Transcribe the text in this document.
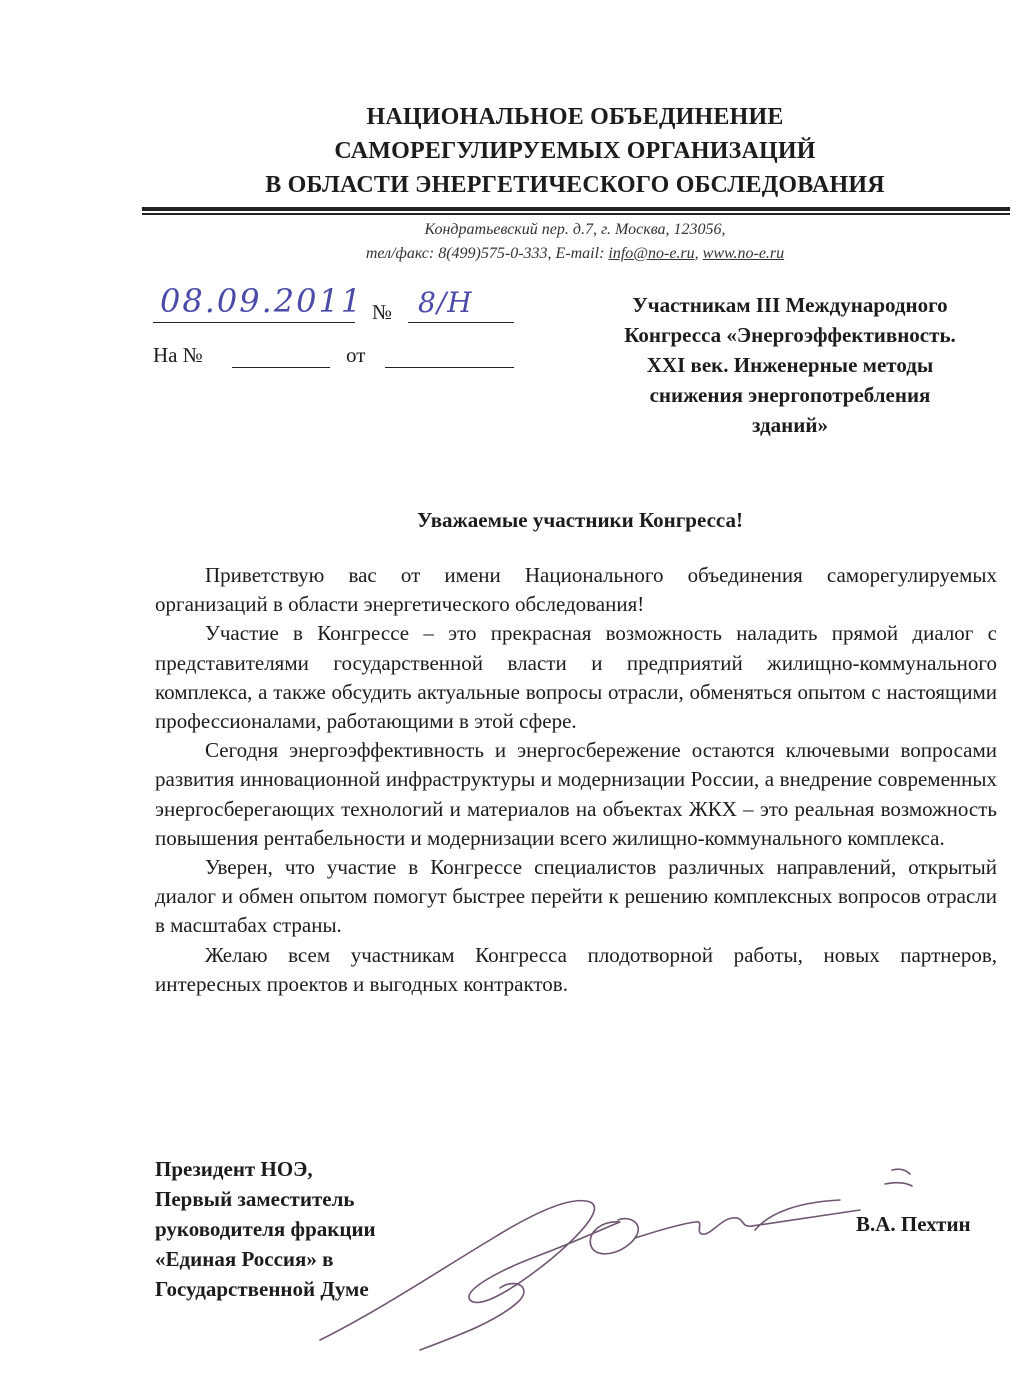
НАЦИОНАЛЬНОЕ ОБЪЕДИНЕНИЕ
САМОРЕГУЛИРУЕМЫХ ОРГАНИЗАЦИЙ
В ОБЛАСТИ ЭНЕРГЕТИЧЕСКОГО ОБСЛЕДОВАНИЯ
Кондратьевский пер. д.7, г. Москва, 123056,
тел/факс: 8(499)575-0-333, E-mail: info@no-e.ru, www.no-e.ru
08.09.2011 № 8/Н
На №	от
Участникам III Международного
Конгресса «Энергоэффективность.
XXI век. Инженерные методы
снижения энергопотребления
зданий»
Уважаемые участники Конгресса!

Приветствую вас от имени Национального объединения саморегулируемых организаций в области энергетического обследования!

Участие в Конгрессе – это прекрасная возможность наладить прямой диалог с представителями государственной власти и предприятий жилищно-коммунального комплекса, а также обсудить актуальные вопросы отрасли, обменяться опытом с настоящими профессионалами, работающими в этой сфере.

Сегодня энергоэффективность и энергосбережение остаются ключевыми вопросами развития инновационной инфраструктуры и модернизации России, а внедрение современных энергосберегающих технологий и материалов на объектах ЖКХ – это реальная возможность повышения рентабельности и модернизации всего жилищно-коммунального комплекса.

Уверен, что участие в Конгрессе специалистов различных направлений, открытый диалог и обмен опытом помогут быстрее перейти к решению комплексных вопросов отрасли в масштабах страны.

Желаю всем участникам Конгресса плодотворной работы, новых партнеров, интересных проектов и выгодных контрактов.

Президент НОЭ,
Первый заместитель
руководителя фракции
«Единая Россия» в
Государственной Думе
В.А. Пехтин
